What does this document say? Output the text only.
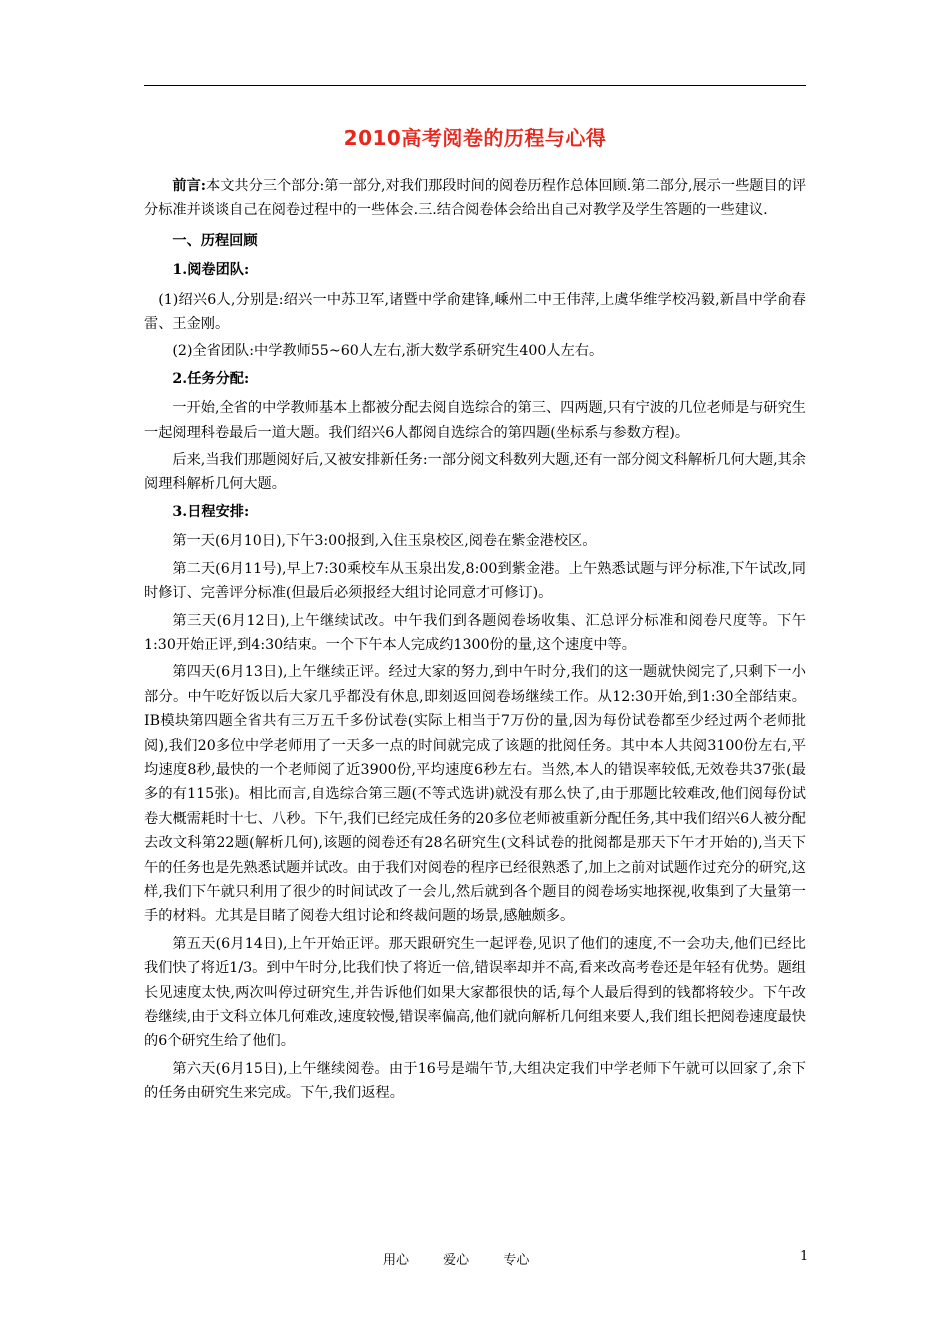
2010高考阅卷的历程与心得

前言:本文共分三个部分:第一部分,对我们那段时间的阅卷历程作总体回顾.第二部分,展示一些题目的评分标准并谈谈自己在阅卷过程中的一些体会.三.结合阅卷体会给出自己对教学及学生答题的一些建议.

一、历程回顾

1.阅卷团队:

(1)绍兴6人,分别是:绍兴一中苏卫军,诸暨中学俞建锋,嵊州二中王伟萍,上虞华维学校冯毅,新昌中学俞春雷、王金刚。

(2)全省团队:中学教师55~60人左右,浙大数学系研究生400人左右。

2.任务分配:

一开始,全省的中学教师基本上都被分配去阅自选综合的第三、四两题,只有宁波的几位老师是与研究生一起阅理科卷最后一道大题。我们绍兴6人都阅自选综合的第四题(坐标系与参数方程)。

后来,当我们那题阅好后,又被安排新任务:一部分阅文科数列大题,还有一部分阅文科解析几何大题,其余阅理科解析几何大题。

3.日程安排:

第一天(6月10日),下午3:00报到,入住玉泉校区,阅卷在紫金港校区。

第二天(6月11号),早上7:30乘校车从玉泉出发,8:00到紫金港。上午熟悉试题与评分标准,下午试改,同时修订、完善评分标准(但最后必须报经大组讨论同意才可修订)。

第三天(6月12日),上午继续试改。中午我们到各题阅卷场收集、汇总评分标准和阅卷尺度等。下午1:30开始正评,到4:30结束。一个下午本人完成约1300份的量,这个速度中等。

第四天(6月13日),上午继续正评。经过大家的努力,到中午时分,我们的这一题就快阅完了,只剩下一小部分。中午吃好饭以后大家几乎都没有休息,即刻返回阅卷场继续工作。从12:30开始,到1:30全部结束。IB模块第四题全省共有三万五千多份试卷(实际上相当于7万份的量,因为每份试卷都至少经过两个老师批阅),我们20多位中学老师用了一天多一点的时间就完成了该题的批阅任务。其中本人共阅3100份左右,平均速度8秒,最快的一个老师阅了近3900份,平均速度6秒左右。当然,本人的错误率较低,无效卷共37张(最多的有115张)。相比而言,自选综合第三题(不等式选讲)就没有那么快了,由于那题比较难改,他们阅每份试卷大概需耗时十七、八秒。下午,我们已经完成任务的20多位老师被重新分配任务,其中我们绍兴6人被分配去改文科第22题(解析几何),该题的阅卷还有28名研究生(文科试卷的批阅都是那天下午才开始的),当天下午的任务也是先熟悉试题并试改。由于我们对阅卷的程序已经很熟悉了,加上之前对试题作过充分的研究,这样,我们下午就只利用了很少的时间试改了一会儿,然后就到各个题目的阅卷场实地探视,收集到了大量第一手的材料。尤其是目睹了阅卷大组讨论和终裁问题的场景,感触颇多。

第五天(6月14日),上午开始正评。那天跟研究生一起评卷,见识了他们的速度,不一会功夫,他们已经比我们快了将近1/3。到中午时分,比我们快了将近一倍,错误率却并不高,看来改高考卷还是年轻有优势。题组长见速度太快,两次叫停过研究生,并告诉他们如果大家都很快的话,每个人最后得到的钱都将较少。下午改卷继续,由于文科立体几何难改,速度较慢,错误率偏高,他们就向解析几何组来要人,我们组长把阅卷速度最快的6个研究生给了他们。

第六天(6月15日),上午继续阅卷。由于16号是端午节,大组决定我们中学老师下午就可以回家了,余下的任务由研究生来完成。下午,我们返程。

用心	爱心	专心	1
